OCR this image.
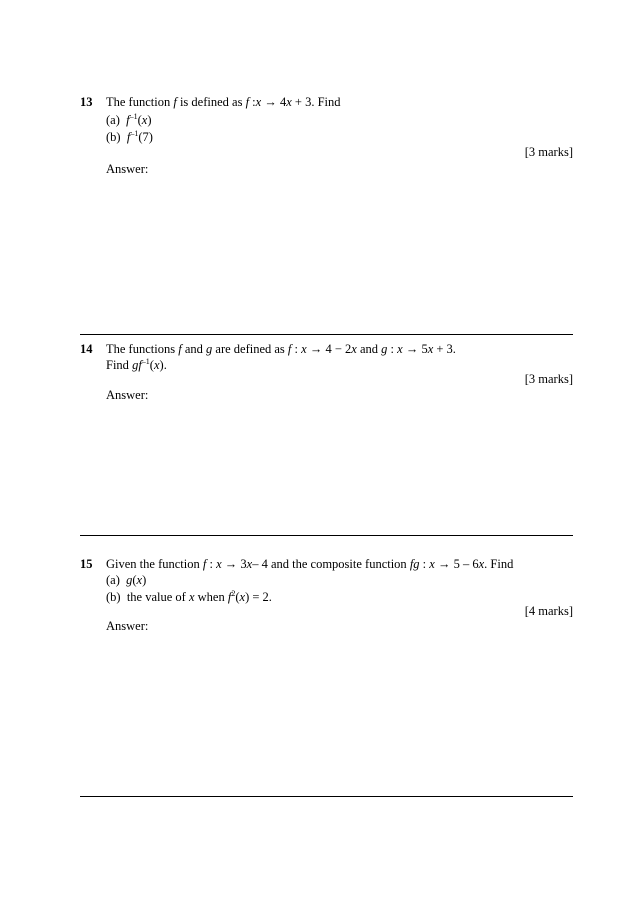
13 The function f is defined as f :x → 4x + 3. Find
(a) $f^{-1}(x)$
(b) $f^{-1}(7)$
[3 marks]
Answer:
14 The functions f and g are defined as f : x → 4 − 2x and g : x → 5x + 3.
Find $gf^{-1}(x)$.
[3 marks]
Answer:
15 Given the function f : x → 3x– 4 and the composite function fg : x → 5 – 6x. Find
(a) g(x)
(b) the value of x when $f^2(x) = 2$.
[4 marks]
Answer:
